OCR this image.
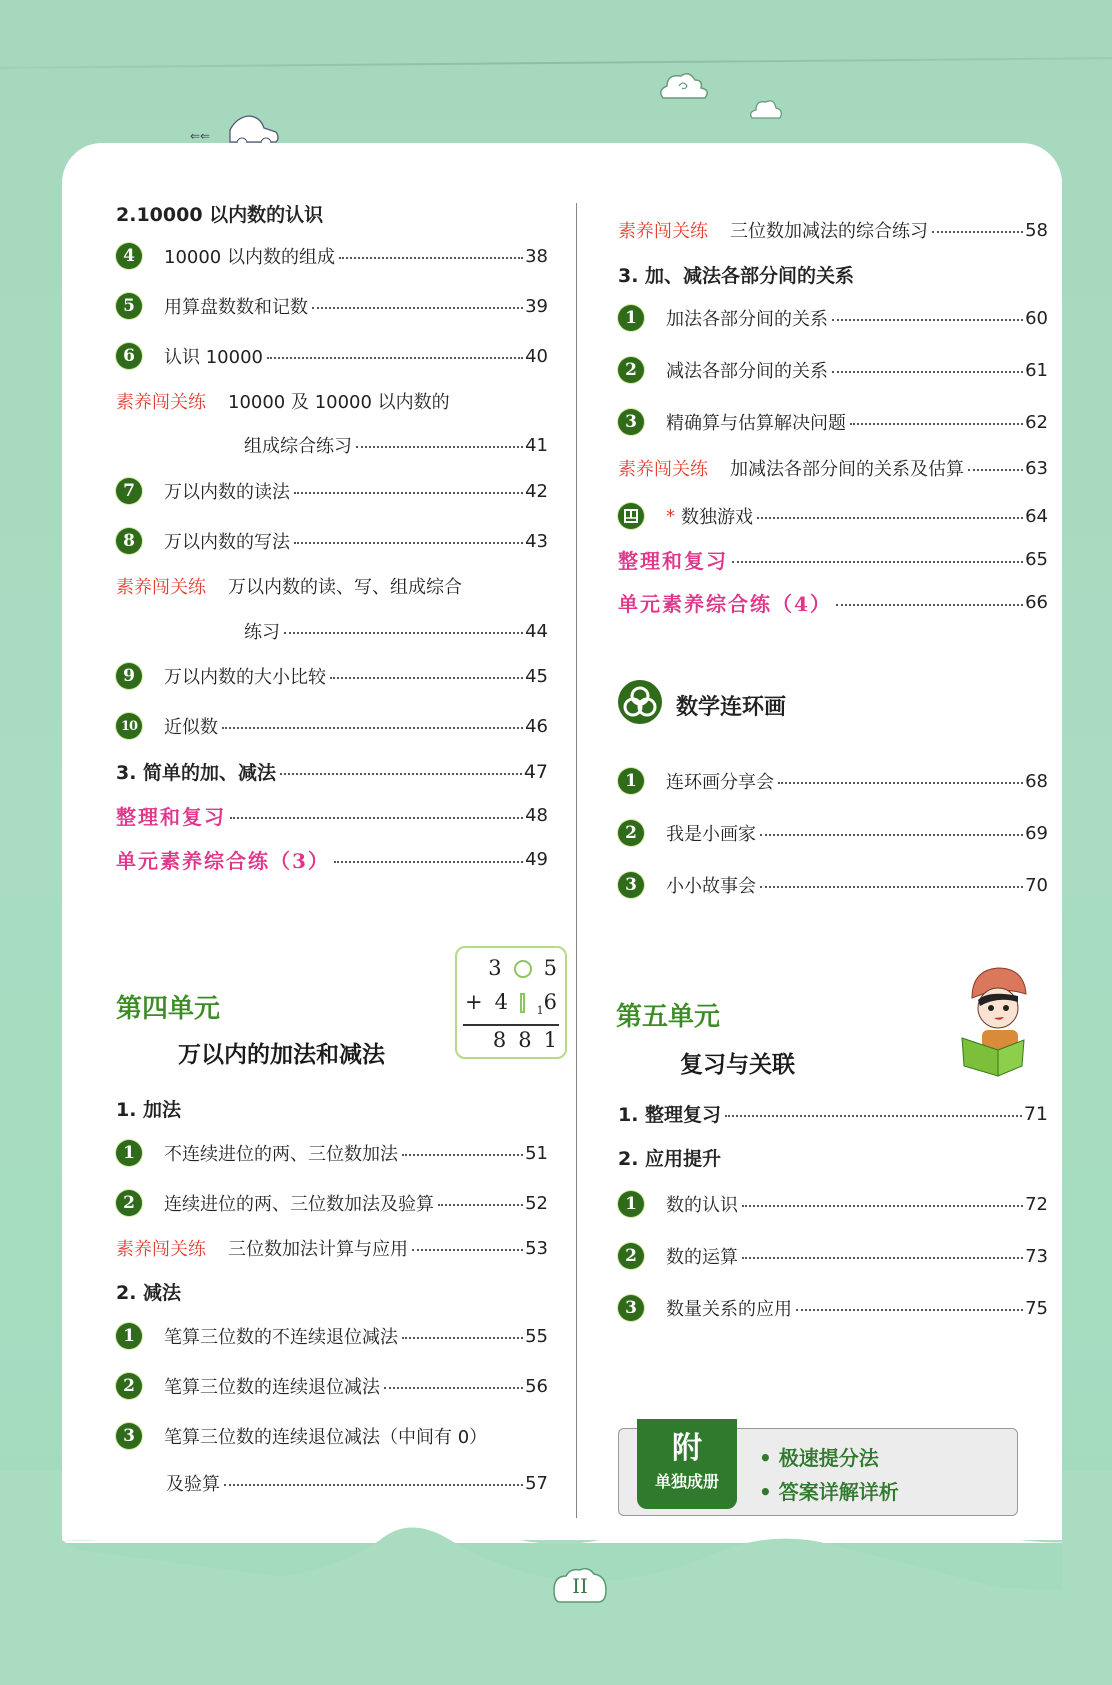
⇐⇐
2.10000 以内数的认识
4	10000 以内数的组成	38
5	用算盘数数和记数	39
6	认识 10000	40
素养闯关练 10000 及 10000 以内数的
组成综合练习	41
7	万以内数的读法	42
8	万以内数的写法	43
素养闯关练 万以内数的读、写、组成综合
练习	44
9	万以内数的大小比较	45
10 近似数	46
3. 简单的加、减法	47
整理和复习	48
单元素养综合练（3）	49
第四单元
万以内的加法和减法
3 5
+ 4	$_1$6
8 8 1
1. 加法
1	不连续进位的两、三位数加法	51
2	连续进位的两、三位数加法及验算	52
素养闯关练 三位数加法计算与应用	53
2. 减法
1	笔算三位数的不连续退位减法	55
2	笔算三位数的连续退位减法	56
3	笔算三位数的连续退位减法（中间有 0）
及验算	57
素养闯关练 三位数加减法的综合练习	58
3. 加、减法各部分间的关系
1	加法各部分间的关系	60
2	减法各部分间的关系	61
3	精确算与估算解决问题	62
素养闯关练 加减法各部分间的关系及估算	63
* 数独游戏	64
整理和复习	65
单元素养综合练（4）	66
数学连环画
1	连环画分享会	68
2	我是小画家	69
3	小小故事会	70
第五单元
复习与关联
1. 整理复习	71
2. 应用提升
1	数的认识	72
2	数的运算	73
3	数量关系的应用	75
附
单独成册
• 极速提分法
• 答案详解详析
II
